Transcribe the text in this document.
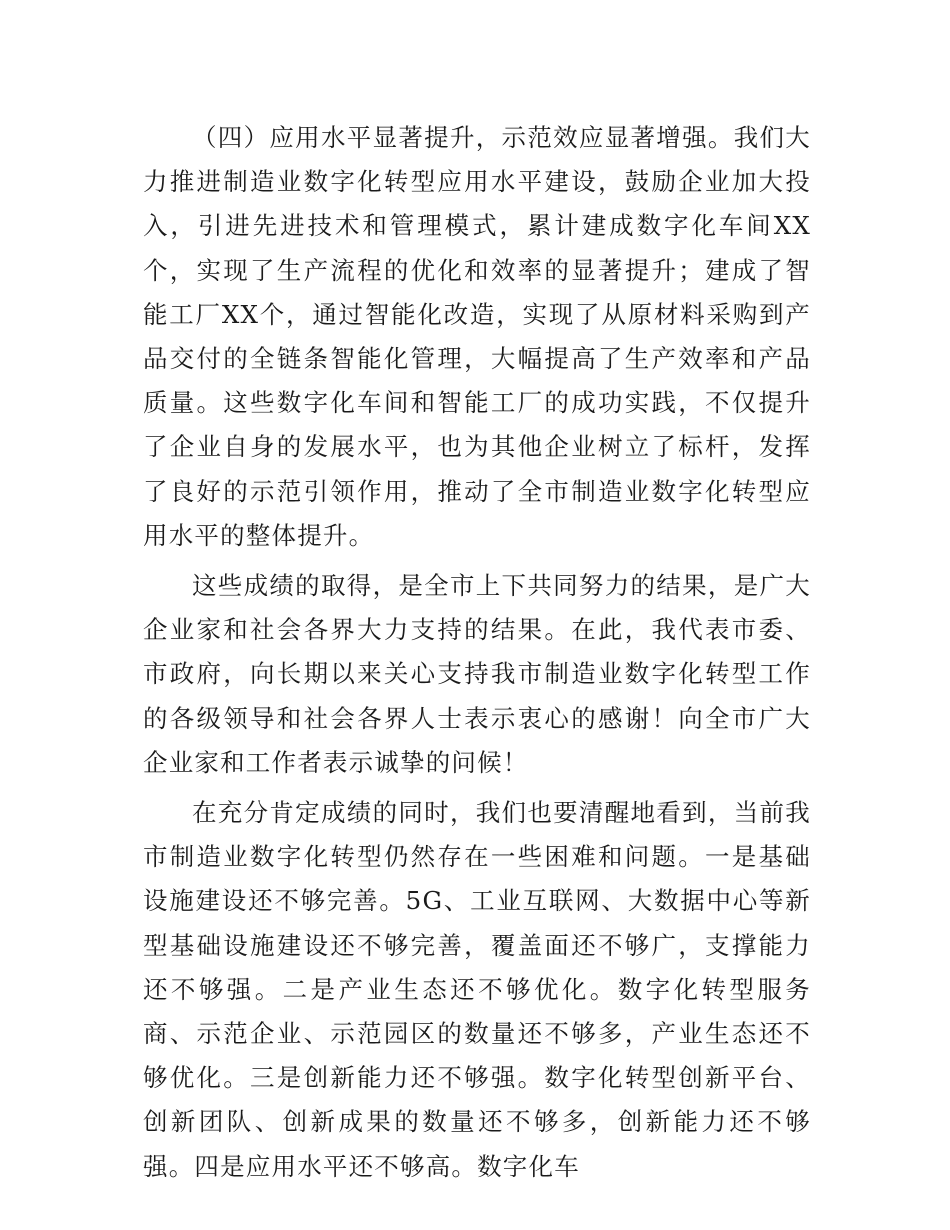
（四）应用水平显著提升，示范效应显著增强。我们大力推进制造业数字化转型应用水平建设，鼓励企业加大投入，引进先进技术和管理模式，累计建成数字化车间XX个，实现了生产流程的优化和效率的显著提升；建成了智能工厂XX个，通过智能化改造，实现了从原材料采购到产品交付的全链条智能化管理，大幅提高了生产效率和产品质量。这些数字化车间和智能工厂的成功实践，不仅提升了企业自身的发展水平，也为其他企业树立了标杆，发挥了良好的示范引领作用，推动了全市制造业数字化转型应用水平的整体提升。

这些成绩的取得，是全市上下共同努力的结果，是广大企业家和社会各界大力支持的结果。在此，我代表市委、市政府，向长期以来关心支持我市制造业数字化转型工作的各级领导和社会各界人士表示衷心的感谢！向全市广大企业家和工作者表示诚挚的问候！

在充分肯定成绩的同时，我们也要清醒地看到，当前我市制造业数字化转型仍然存在一些困难和问题。一是基础设施建设还不够完善。5G、工业互联网、大数据中心等新型基础设施建设还不够完善，覆盖面还不够广，支撑能力还不够强。二是产业生态还不够优化。数字化转型服务商、示范企业、示范园区的数量还不够多，产业生态还不够优化。三是创新能力还不够强。数字化转型创新平台、创新团队、创新成果的数量还不够多，创新能力还不够强。四是应用水平还不够高。数字化车
